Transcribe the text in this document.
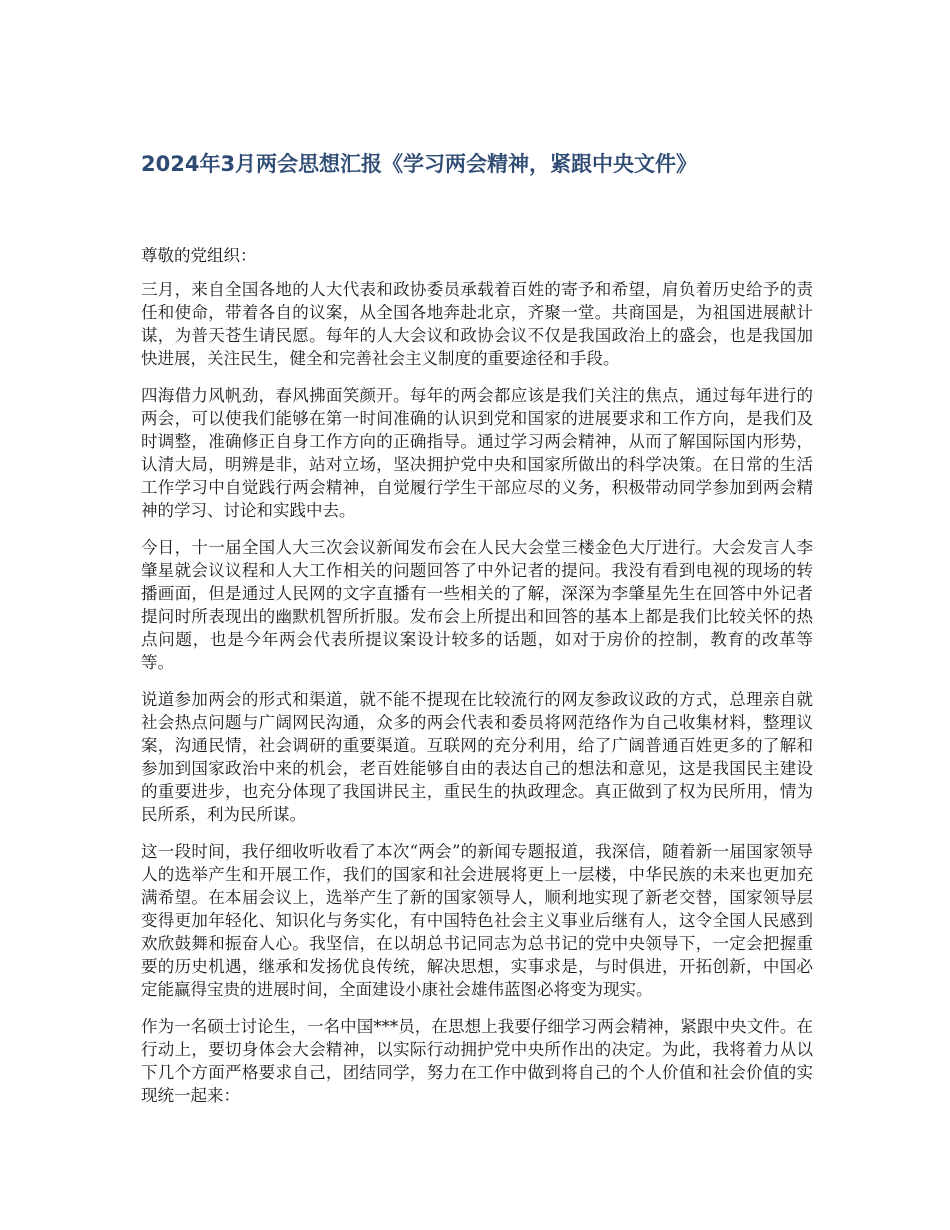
2024年3月两会思想汇报《学习两会精神，紧跟中央文件》

尊敬的党组织：

三月，来自全国各地的人大代表和政协委员承载着百姓的寄予和希望，肩负着历史给予的责任和使命，带着各自的议案，从全国各地奔赴北京，齐聚一堂。共商国是，为祖国进展献计谋，为普天苍生请民愿。每年的人大会议和政协会议不仅是我国政治上的盛会，也是我国加快进展，关注民生，健全和完善社会主义制度的重要途径和手段。

四海借力风帆劲，春风拂面笑颜开。每年的两会都应该是我们关注的焦点，通过每年进行的两会，可以使我们能够在第一时间准确的认识到党和国家的进展要求和工作方向，是我们及时调整，准确修正自身工作方向的正确指导。通过学习两会精神，从而了解国际国内形势，认清大局，明辨是非，站对立场，坚决拥护党中央和国家所做出的科学决策。在日常的生活工作学习中自觉践行两会精神，自觉履行学生干部应尽的义务，积极带动同学参加到两会精神的学习、讨论和实践中去。

今日，十一届全国人大三次会议新闻发布会在人民大会堂三楼金色大厅进行。大会发言人李肇星就会议议程和人大工作相关的问题回答了中外记者的提问。我没有看到电视的现场的转播画面，但是通过人民网的文字直播有一些相关的了解，深深为李肇星先生在回答中外记者提问时所表现出的幽默机智所折服。发布会上所提出和回答的基本上都是我们比较关怀的热点问题，也是今年两会代表所提议案设计较多的话题，如对于房价的控制，教育的改革等等。

说道参加两会的形式和渠道，就不能不提现在比较流行的网友参政议政的方式，总理亲自就社会热点问题与广阔网民沟通，众多的两会代表和委员将网范络作为自己收集材料，整理议案，沟通民情，社会调研的重要渠道。互联网的充分利用，给了广阔普通百姓更多的了解和参加到国家政治中来的机会，老百姓能够自由的表达自己的想法和意见，这是我国民主建设的重要进步，也充分体现了我国讲民主，重民生的执政理念。真正做到了权为民所用，情为民所系，利为民所谋。

这一段时间，我仔细收听收看了本次“两会”的新闻专题报道，我深信，随着新一届国家领导人的选举产生和开展工作，我们的国家和社会进展将更上一层楼，中华民族的未来也更加充满希望。在本届会议上，选举产生了新的国家领导人，顺利地实现了新老交替，国家领导层变得更加年轻化、知识化与务实化，有中国特色社会主义事业后继有人，这令全国人民感到欢欣鼓舞和振奋人心。我坚信，在以胡总书记同志为总书记的党中央领导下，一定会把握重要的历史机遇，继承和发扬优良传统，解决思想，实事求是，与时俱进，开拓创新，中国必定能赢得宝贵的进展时间，全面建设小康社会雄伟蓝图必将变为现实。

作为一名硕士讨论生，一名中国***员，在思想上我要仔细学习两会精神，紧跟中央文件。在行动上，要切身体会大会精神，以实际行动拥护党中央所作出的决定。为此，我将着力从以下几个方面严格要求自己，团结同学，努力在工作中做到将自己的个人价值和社会价值的实现统一起来：
